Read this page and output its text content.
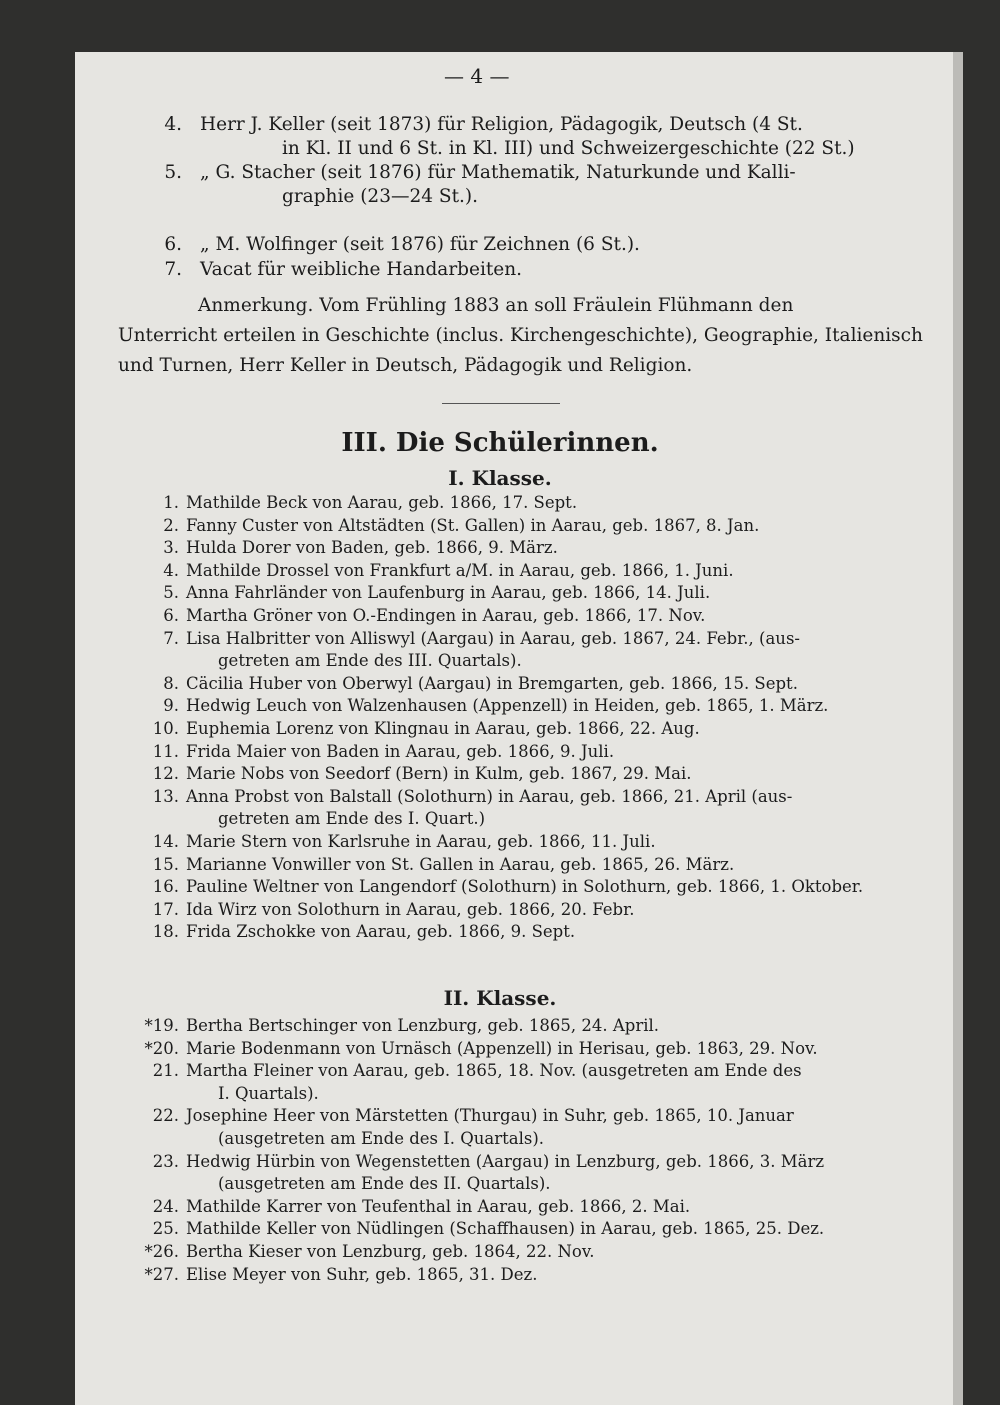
— 4 —
4. Herr J. Keller (seit 1873) für Religion, Pädagogik, Deutsch (4 St.
in Kl. II und 6 St. in Kl. III) und Schweizergeschichte (22 St.)
5. „ G. Stacher (seit 1876) für Mathematik, Naturkunde und Kalli-
graphie (23—24 St.).
6. „ M. Wolfinger (seit 1876) für Zeichnen (6 St.).
7. Vacat für weibliche Handarbeiten.
Anmerkung. Vom Frühling 1883 an soll Fräulein Flühmann den
Unterricht erteilen in Geschichte (inclus. Kirchengeschichte), Geographie, Italienisch
und Turnen, Herr Keller in Deutsch, Pädagogik und Religion.
III. Die Schülerinnen.
I. Klasse.
1. Mathilde Beck von Aarau, geb. 1866, 17. Sept.
2. Fanny Custer von Altstädten (St. Gallen) in Aarau, geb. 1867, 8. Jan.
3. Hulda Dorer von Baden, geb. 1866, 9. März.
4. Mathilde Drossel von Frankfurt a/M. in Aarau, geb. 1866, 1. Juni.
5. Anna Fahrländer von Laufenburg in Aarau, geb. 1866, 14. Juli.
6. Martha Gröner von O.-Endingen in Aarau, geb. 1866, 17. Nov.
7. Lisa Halbritter von Alliswyl (Aargau) in Aarau, geb. 1867, 24. Febr., (aus-
getreten am Ende des III. Quartals).
8. Cäcilia Huber von Oberwyl (Aargau) in Bremgarten, geb. 1866, 15. Sept.
9. Hedwig Leuch von Walzenhausen (Appenzell) in Heiden, geb. 1865, 1. März.
10. Euphemia Lorenz von Klingnau in Aarau, geb. 1866, 22. Aug.
11. Frida Maier von Baden in Aarau, geb. 1866, 9. Juli.
12. Marie Nobs von Seedorf (Bern) in Kulm, geb. 1867, 29. Mai.
13. Anna Probst von Balstall (Solothurn) in Aarau, geb. 1866, 21. April (aus-
getreten am Ende des I. Quart.)
14. Marie Stern von Karlsruhe in Aarau, geb. 1866, 11. Juli.
15. Marianne Vonwiller von St. Gallen in Aarau, geb. 1865, 26. März.
16. Pauline Weltner von Langendorf (Solothurn) in Solothurn, geb. 1866, 1. Oktober.
17. Ida Wirz von Solothurn in Aarau, geb. 1866, 20. Febr.
18. Frida Zschokke von Aarau, geb. 1866, 9. Sept.
II. Klasse.
*19. Bertha Bertschinger von Lenzburg, geb. 1865, 24. April.
*20. Marie Bodenmann von Urnäsch (Appenzell) in Herisau, geb. 1863, 29. Nov.
21. Martha Fleiner von Aarau, geb. 1865, 18. Nov. (ausgetreten am Ende des
I. Quartals).
22. Josephine Heer von Märstetten (Thurgau) in Suhr, geb. 1865, 10. Januar
(ausgetreten am Ende des I. Quartals).
23. Hedwig Hürbin von Wegenstetten (Aargau) in Lenzburg, geb. 1866, 3. März
(ausgetreten am Ende des II. Quartals).
24. Mathilde Karrer von Teufenthal in Aarau, geb. 1866, 2. Mai.
25. Mathilde Keller von Nüdlingen (Schaffhausen) in Aarau, geb. 1865, 25. Dez.
*26. Bertha Kieser von Lenzburg, geb. 1864, 22. Nov.
*27. Elise Meyer von Suhr, geb. 1865, 31. Dez.
